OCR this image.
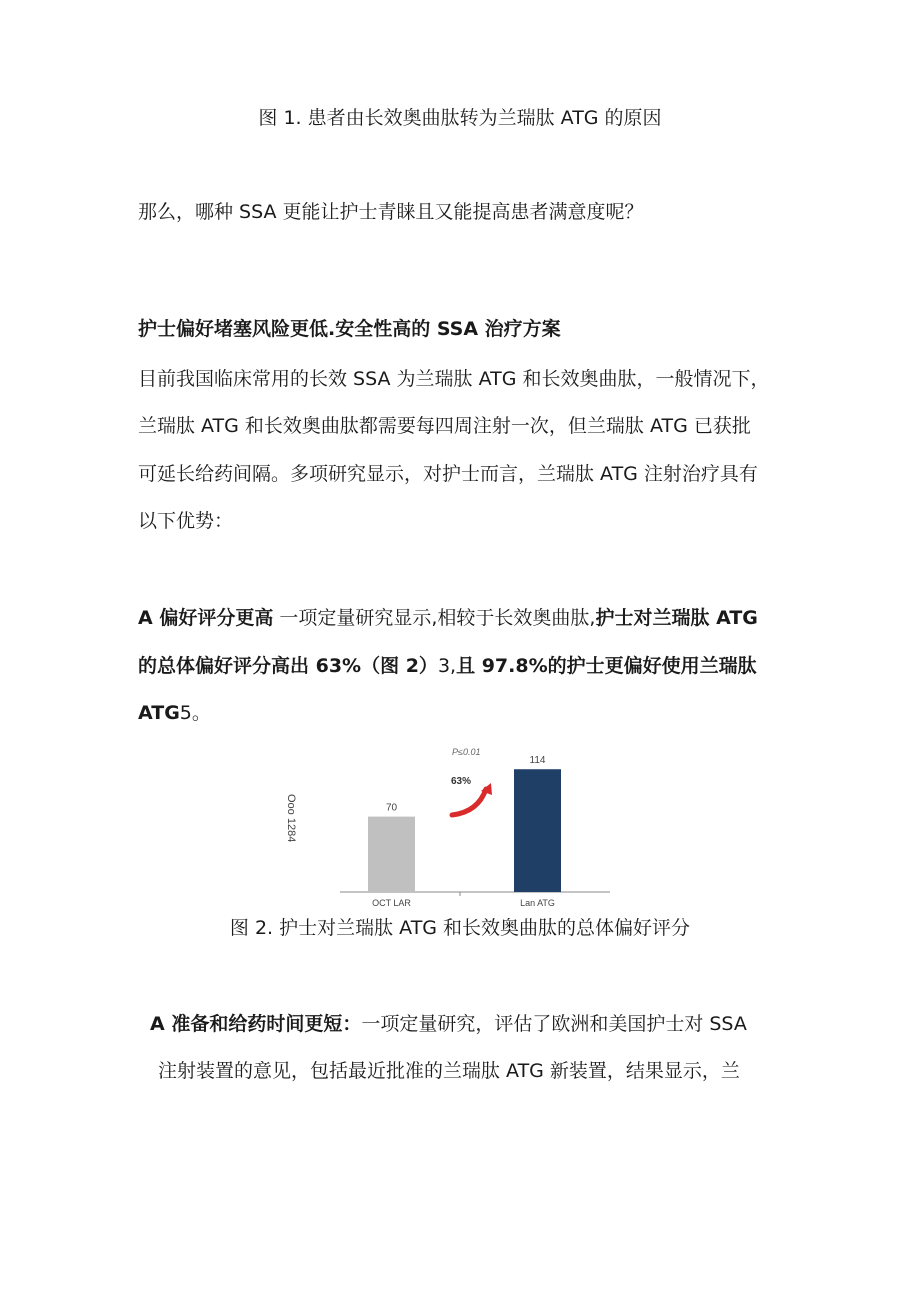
图 1. 患者由长效奥曲肽转为兰瑞肽 ATG 的原因
那么，哪种 SSA 更能让护士青睐且又能提高患者满意度呢？
护士偏好堵塞风险更低.安全性高的 SSA 治疗方案
目前我国临床常用的长效 SSA 为兰瑞肽 ATG 和长效奥曲肽，一般情况下，
兰瑞肽 ATG 和长效奥曲肽都需要每四周注射一次，但兰瑞肽 ATG 已获批
可延长给药间隔。多项研究显示，对护士而言，兰瑞肽 ATG 注射治疗具有
以下优势：
A 偏好评分更高 一项定量研究显示,相较于长效奥曲肽,护士对兰瑞肽 ATG
的总体偏好评分高出 63%（图 2）3,且 97.8%的护士更偏好使用兰瑞肽
ATG5。
Ooo 1284	70
114
OCT LAR	Lan ATG
P≤0.01
63%
图 2. 护士对兰瑞肽 ATG 和长效奥曲肽的总体偏好评分
A 准备和给药时间更短：一项定量研究，评估了欧洲和美国护士对 SSA
注射装置的意见，包括最近批准的兰瑞肽 ATG 新装置，结果显示，兰
